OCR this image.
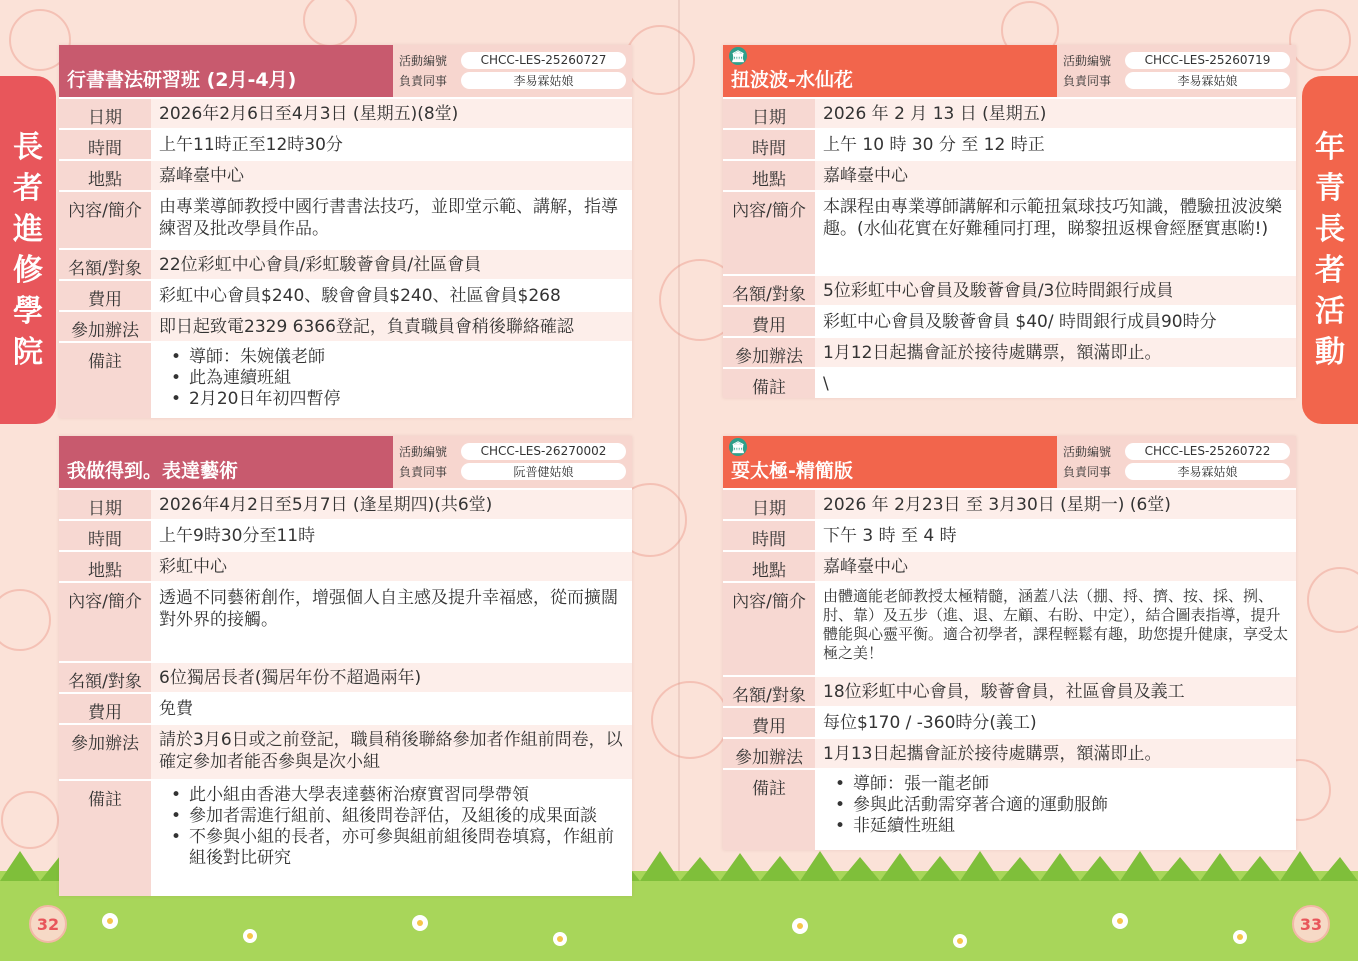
長
者
進
修
學
院
年
青
長
者
活
動
行書書法研習班 (2月-4月)
活動編號	CHCC-LES-25260727
負責同事	李易霖姑娘
日期	2026年2月6日至4月3日 (星期五)(8堂)
時間	上午11時正至12時30分
地點	嘉峰臺中心
內容/簡介	由專業導師教授中國行書書法技巧，並即堂示範、講解，指導練習及批改學員作品。
名額/對象	22位彩虹中心會員/彩虹駿薈會員/社區會員
費用	彩虹中心會員$240、駿會會員$240、社區會員$268
參加辦法	即日起致電2329 6366登記，負責職員會稍後聯絡確認
備註	• 導師：朱婉儀老師
• 此為連續班組
• 2月20日年初四暫停
🏛
扭波波-水仙花
活動編號	CHCC-LES-25260719
負責同事	李易霖姑娘
日期	2026 年 2 月 13 日 (星期五)
時間	上午 10 時 30 分 至 12 時正
地點	嘉峰臺中心
內容/簡介	本課程由專業導師講解和示範扭氣球技巧知識，體驗扭波波樂趣。(水仙花實在好難種同打理，睇黎扭返棵會經歷實惠喲!)
名額/對象	5位彩虹中心會員及駿薈會員/3位時間銀行成員
費用	彩虹中心會員及駿薈會員 $40/ 時間銀行成員90時分
參加辦法	1月12日起攜會証於接待處購票，額滿即止。
備註	\
我做得到。表達藝術
活動編號	CHCC-LES-26270002
負責同事	阮普健姑娘
日期	2026年4月2日至5月7日 (逢星期四)(共6堂)
時間	上午9時30分至11時
地點	彩虹中心
內容/簡介	透過不同藝術創作，增强個人自主感及提升幸福感，從而擴闊對外界的接觸。
名額/對象	6位獨居長者(獨居年份不超過兩年)
費用	免費
參加辦法	請於3月6日或之前登記，職員稍後聯絡參加者作組前問卷，以確定參加者能否參與是次小組
備註	• 此小組由香港大學表達藝術治療實習同學帶領
• 參加者需進行組前、組後問卷評估，及組後的成果面談
• 不參與小組的長者，亦可參與組前組後問卷填寫，作組前組後對比研究
🏛
耍太極-精簡版
活動編號	CHCC-LES-25260722
負責同事	李易霖姑娘
日期	2026 年 2月23日 至 3月30日 (星期一) (6堂)
時間	下午 3 時 至 4 時
地點	嘉峰臺中心
內容/簡介	由體適能老師教授太極精髓，涵蓋八法（掤、捋、擠、按、採、挒、肘、靠）及五步（進、退、左顧、右盼、中定），結合圖表指導，提升體能與心靈平衡。適合初學者，課程輕鬆有趣，助您提升健康，享受太極之美！
名額/對象	18位彩虹中心會員，駿薈會員，社區會員及義工
費用	每位$170 / -360時分(義工)
參加辦法	1月13日起攜會証於接待處購票，額滿即止。
備註	• 導師：張一龍老師
• 參與此活動需穿著合適的運動服飾
• 非延續性班組
32	33
